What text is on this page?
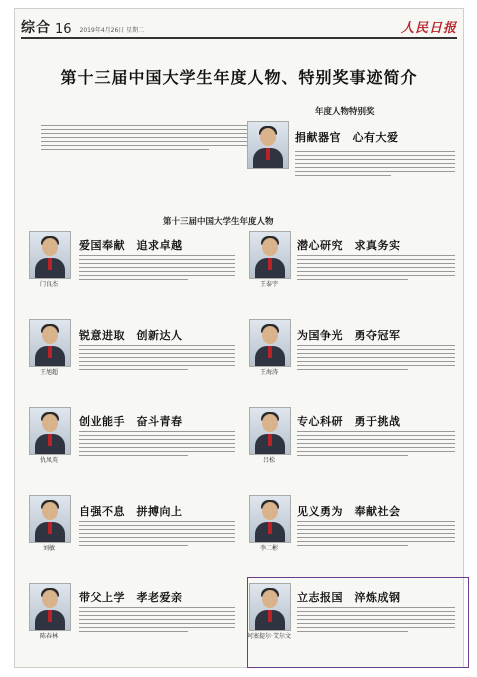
综合 16 2019年4月26日 星期二	人民日报
第十三届中国大学生年度人物、特别奖事迹简介
年度人物特别奖
捐献器官　心有大爱
第十三届中国大学生年度人物
门良杰
爱国奉献　追求卓越
王旭超
锐意进取　创新达人
仇凤英
创业能手　奋斗青春
刘敏
自强不息　拼搏向上
陈春林
带父上学　孝老爱亲
王泰宇
潜心研究　求真务实
王海涛
为国争光　勇夺冠军
吕松
专心科研　勇于挑战
李二彬
见义勇为　奉献社会
阿塞提尔·艾尔文
立志报国　淬炼成钢
